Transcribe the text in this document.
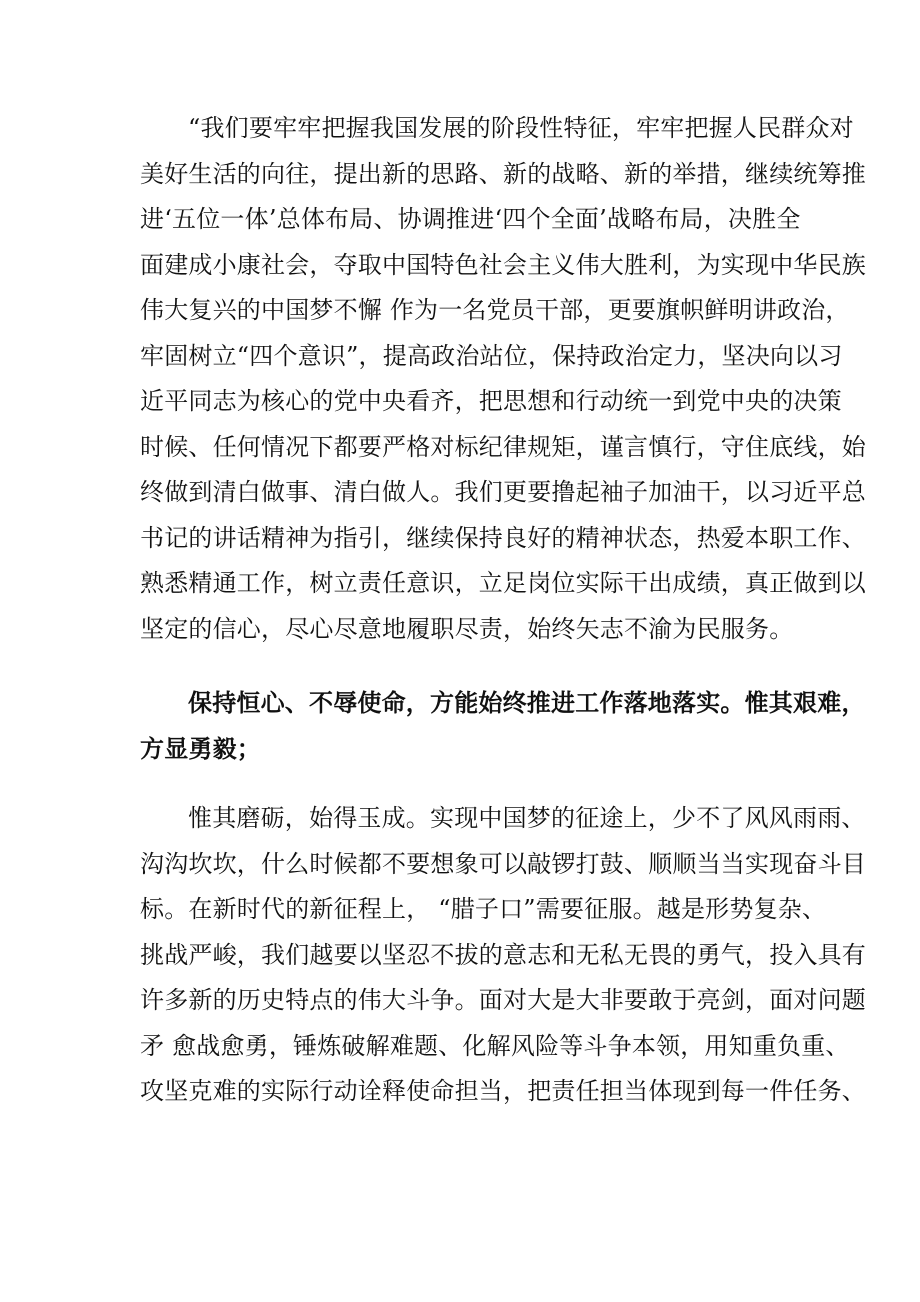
“我们要牢牢把握我国发展的阶段性特征，牢牢把握人民群众对
美好生活的向往，提出新的思路、新的战略、新的举措，继续统筹推
进‘五位一体’总体布局、协调推进‘四个全面’战略布局，决胜全
面建成小康社会，夺取中国特色社会主义伟大胜利，为实现中华民族
伟大复兴的中国梦不懈 作为一名党员干部，更要旗帜鲜明讲政治，
牢固树立“四个意识”，提高政治站位，保持政治定力，坚决向以习
近平同志为核心的党中央看齐，把思想和行动统一到党中央的决策
时候、任何情况下都要严格对标纪律规矩，谨言慎行，守住底线，始
终做到清白做事、清白做人。我们更要撸起袖子加油干，以习近平总
书记的讲话精神为指引，继续保持良好的精神状态，热爱本职工作、
熟悉精通工作，树立责任意识，立足岗位实际干出成绩，真正做到以
坚定的信心，尽心尽意地履职尽责，始终矢志不渝为民服务。
保持恒心、不辱使命，方能始终推进工作落地落实。惟其艰难，
方显勇毅；
惟其磨砺，始得玉成。实现中国梦的征途上，少不了风风雨雨、
沟沟坎坎，什么时候都不要想象可以敲锣打鼓、顺顺当当实现奋斗目
标。在新时代的新征程上， “腊子口”需要征服。越是形势复杂、
挑战严峻，我们越要以坚忍不拔的意志和无私无畏的勇气，投入具有
许多新的历史特点的伟大斗争。面对大是大非要敢于亮剑，面对问题
矛 愈战愈勇，锤炼破解难题、化解风险等斗争本领，用知重负重、
攻坚克难的实际行动诠释使命担当，把责任担当体现到每一件任务、
